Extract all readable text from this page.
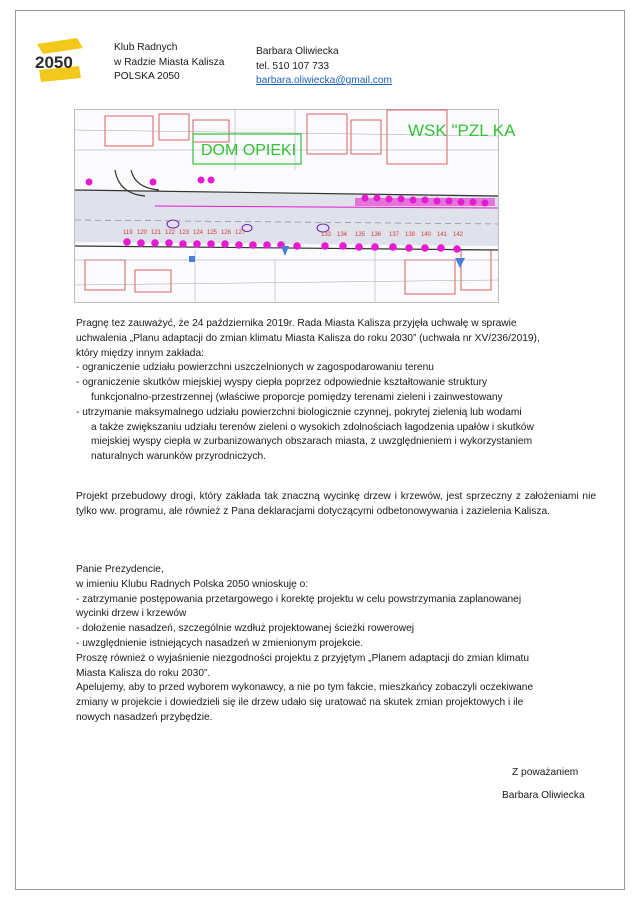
2050
Klub Radnych
w Radzie Miasta Kalisza
POLSKA 2050
Barbara Oliwiecka
tel. 510 107 733
barbara.oliwiecka@gmail.com
DOM OPIEKI
WSK "PZL KA
119 120 121 122 123 124 125 126 127	133 134 135 136 137 138 140 141 142
Pragnę tez zauważyć, że 24 października 2019r. Rada Miasta Kalisza przyjęła uchwałę w sprawie
uchwalenia „Planu adaptacji do zmian klimatu Miasta Kalisza do roku 2030” (uchwała nr XV/236/2019),
który między innym zakłada:
- ograniczenie udziału powierzchni uszczelnionych w zagospodarowaniu terenu
- ograniczenie skutków miejskiej wyspy ciepła poprzez odpowiednie kształtowanie struktury
funkcjonalno-przestrzennej (właściwe proporcje pomiędzy terenami zieleni i zainwestowany
- utrzymanie maksymalnego udziału powierzchni biologicznie czynnej, pokrytej zielenią lub wodami
a także zwiększaniu udziału terenów zieleni o wysokich zdolnościach łagodzenia upałów i skutków
miejskiej wyspy ciepła w zurbanizowanych obszarach miasta, z uwzględnieniem i wykorzystaniem
naturalnych warunków przyrodniczych.
Projekt przebudowy drogi, który zakłada tak znaczną wycinkę drzew i krzewów, jest sprzeczny z założeniami nie tylko ww. programu, ale również z Pana deklaracjami dotyczącymi odbetonowywania i zazielenia Kalisza.
Panie Prezydencie,
w imieniu Klubu Radnych Polska 2050 wnioskuję o:
- zatrzymanie postępowania przetargowego i korektę projektu w celu powstrzymania zaplanowanej
wycinki drzew i krzewów
- dołożenie nasadzeń, szczególnie wzdłuż projektowanej ścieżki rowerowej
- uwzględnienie istniejących nasadzeń w zmienionym projekcie.
Proszę również o wyjaśnienie niezgodności projektu z przyjętym „Planem adaptacji do zmian klimatu
Miasta Kalisza do roku 2030”.
Apelujemy, aby to przed wyborem wykonawcy, a nie po tym fakcie, mieszkańcy zobaczyli oczekiwane
zmiany w projekcie i dowiedzieli się ile drzew udało się uratować na skutek zmian projektowych i ile
nowych nasadzeń przybędzie.
Z poważaniem
Barbara Oliwiecka
